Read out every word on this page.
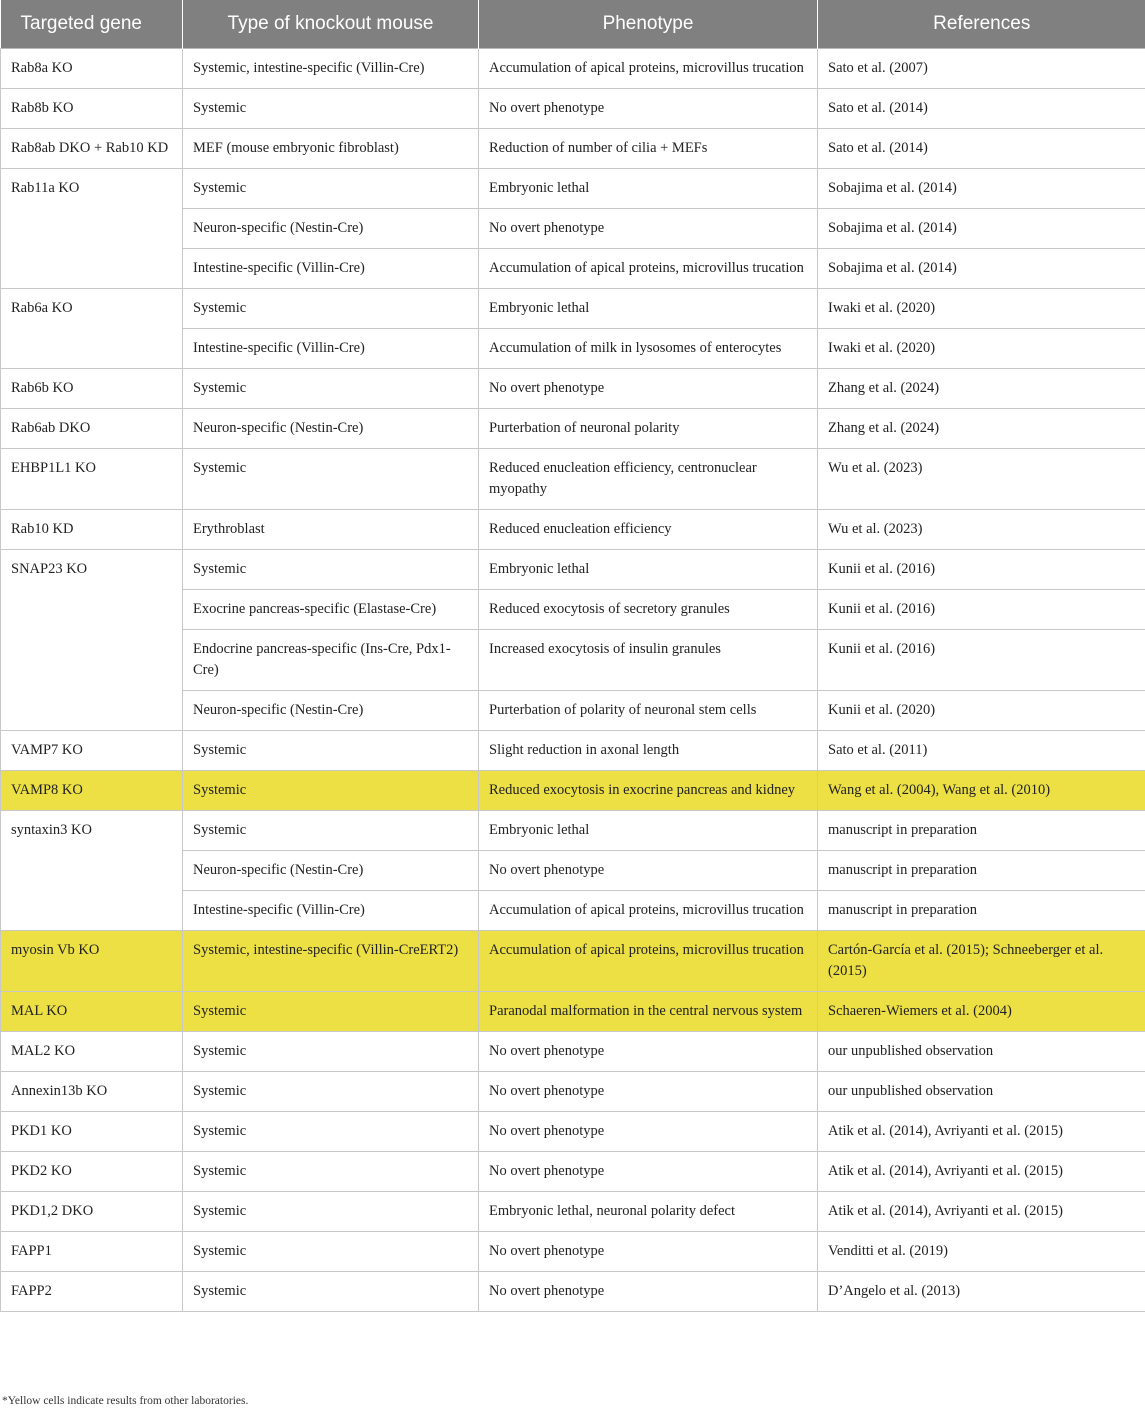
Targeted gene	Type of knockout mouse	Phenotype	References
Rab8a KO	Systemic, intestine-specific (Villin-Cre)	Accumulation of apical proteins, microvillus trucation	Sato et al. (2007)
Rab8b KO	Systemic	No overt phenotype	Sato et al. (2014)
Rab8ab DKO + Rab10 KD	MEF (mouse embryonic fibroblast)	Reduction of number of cilia + MEFs	Sato et al. (2014)
Rab11a KO	Systemic	Embryonic lethal	Sobajima et al. (2014)
	Neuron-specific (Nestin-Cre)	No overt phenotype	Sobajima et al. (2014)
	Intestine-specific (Villin-Cre)	Accumulation of apical proteins, microvillus trucation	Sobajima et al. (2014)
Rab6a KO	Systemic	Embryonic lethal	Iwaki et al. (2020)
	Intestine-specific (Villin-Cre)	Accumulation of milk in lysosomes of enterocytes	Iwaki et al. (2020)
Rab6b KO	Systemic	No overt phenotype	Zhang et al. (2024)
Rab6ab DKO	Neuron-specific (Nestin-Cre)	Purterbation of neuronal polarity	Zhang et al. (2024)
EHBP1L1 KO	Systemic	Reduced enucleation efficiency, centronuclear myopathy	Wu et al. (2023)
Rab10 KD	Erythroblast	Reduced enucleation efficiency	Wu et al. (2023)
SNAP23 KO	Systemic	Embryonic lethal	Kunii et al. (2016)
	Exocrine pancreas-specific (Elastase-Cre)	Reduced exocytosis of secretory granules	Kunii et al. (2016)
	Endocrine pancreas-specific (Ins-Cre, Pdx1-Cre)	Increased exocytosis of insulin granules	Kunii et al. (2016)
	Neuron-specific (Nestin-Cre)	Purterbation of polarity of neuronal stem cells	Kunii et al. (2020)
VAMP7 KO	Systemic	Slight reduction in axonal length	Sato et al. (2011)
VAMP8 KO	Systemic	Reduced exocytosis in exocrine pancreas and kidney	Wang et al. (2004), Wang et al. (2010)
syntaxin3 KO	Systemic	Embryonic lethal	manuscript in preparation
	Neuron-specific (Nestin-Cre)	No overt phenotype	manuscript in preparation
	Intestine-specific (Villin-Cre)	Accumulation of apical proteins, microvillus trucation	manuscript in preparation
myosin Vb KO	Systemic, intestine-specific (Villin-CreERT2)	Accumulation of apical proteins, microvillus trucation	Cartón-García et al. (2015); Schneeberger et al. (2015)
MAL KO	Systemic	Paranodal malformation in the central nervous system	Schaeren-Wiemers et al. (2004)
MAL2 KO	Systemic	No overt phenotype	our unpublished observation
Annexin13b KO	Systemic	No overt phenotype	our unpublished observation
PKD1 KO	Systemic	No overt phenotype	Atik et al. (2014), Avriyanti et al. (2015)
PKD2 KO	Systemic	No overt phenotype	Atik et al. (2014), Avriyanti et al. (2015)
PKD1,2 DKO	Systemic	Embryonic lethal, neuronal polarity defect	Atik et al. (2014), Avriyanti et al. (2015)
FAPP1	Systemic	No overt phenotype	Venditti et al. (2019)
FAPP2	Systemic	No overt phenotype	D’Angelo et al. (2013)
*Yellow cells indicate results from other laboratories.
